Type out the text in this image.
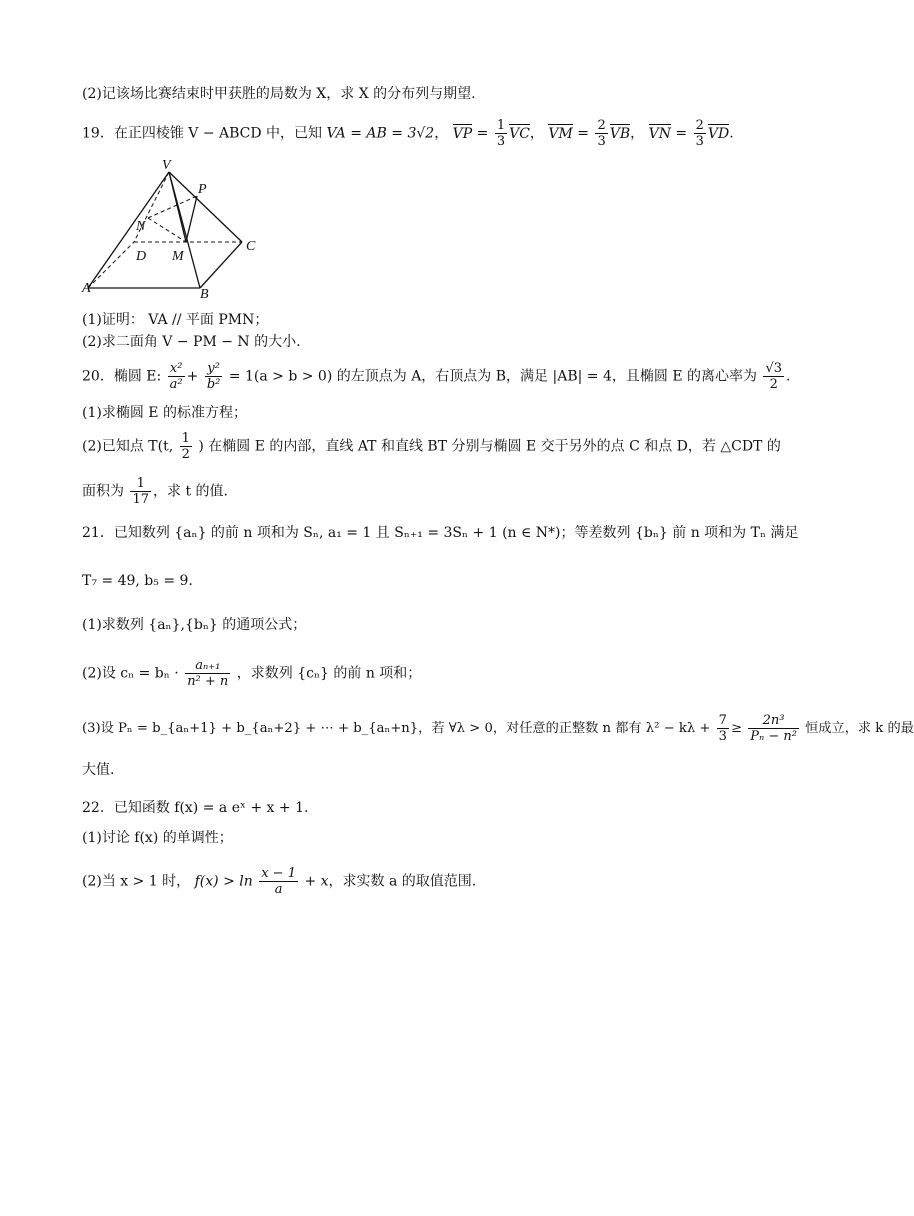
(2)记该场比赛结束时甲获胜的局数为 X，求 X 的分布列与期望.
19．在正四棱锥 V − ABCD 中，已知 VA = AB = 3√2， VP = $\frac{1}{3}$ VC， VM = $\frac{2}{3}$ VB， VN = $\frac{2}{3}$ VD.
V
P
N
D M
C
A	B
(1)证明： VA // 平面 PMN；
(2)求二面角 V − PM − N 的大小.
20．椭圆 E: $\frac{\text{x²}}{\text{a²}} + \frac{\text{y²}}{\text{b²}} = 1(a > b > 0)$ 的左顶点为 A，右顶点为 B，满足 |AB| = 4，且椭圆 E 的离心率为 $\frac{√3}{2}$ .
(1)求椭圆 E 的标准方程；
(2)已知点 T(t, $\frac{1}{2}$ ) 在椭圆 E 的内部，直线 AT 和直线 BT 分别与椭圆 E 交于另外的点 C 和点 D，若 △CDT 的
面积为 $\frac{1}{17}$ ，求 t 的值.
21．已知数列 {aₙ} 的前 n 项和为 Sₙ, a₁ = 1 且 Sₙ₊₁ = 3Sₙ + 1 (n ∈ N*)；等差数列 {bₙ} 前 n 项和为 Tₙ 满足
T₇ = 49, b₅ = 9.
(1)求数列 {aₙ},{bₙ} 的通项公式；
(2)设 $c_n = b_n \cdot \frac{\text{aₙ₊₁}}{\text{n² + n}}$ ，求数列 {cₙ} 的前 n 项和；
(3)设 Pₙ = b_{aₙ+1} + b_{aₙ+2} + ⋯ + b_{aₙ+n}，若 ∀λ > 0，对任意的正整数 n 都有 $\lambda^2 - k\lambda + \frac{7}{3} \ge \frac{\text{2n³}}{\text{Pₙ − n²}}$ 恒成立，求 k 的最
大值.
22．已知函数 f(x) = a eˣ + x + 1.
(1)讨论 f(x) 的单调性；
(2)当 x > 1 时， $f(x) > \ln \frac{x - 1}{a} + x$，求实数 a 的取值范围.
